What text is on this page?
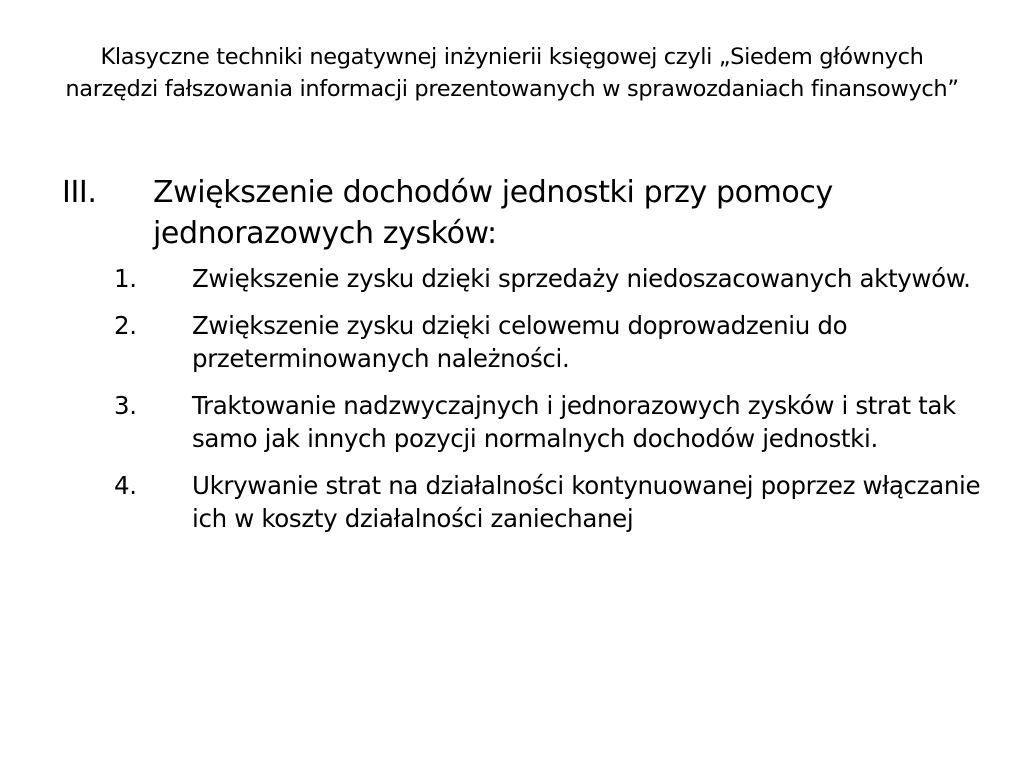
Klasyczne techniki negatywnej inżynierii księgowej czyli „Siedem głównych narzędzi fałszowania informacji prezentowanych w sprawozdaniach finansowych”
III.	Zwiększenie dochodów jednostki przy pomocy jednorazowych zysków:
1.	Zwiększenie zysku dzięki sprzedaży niedoszacowanych aktywów.
2.	Zwiększenie zysku dzięki celowemu doprowadzeniu do przeterminowanych należności.
3.	Traktowanie nadzwyczajnych i jednorazowych zysków i strat tak samo jak innych pozycji normalnych dochodów jednostki.
4.	Ukrywanie strat na działalności kontynuowanej poprzez włączanie ich w koszty działalności zaniechanej
